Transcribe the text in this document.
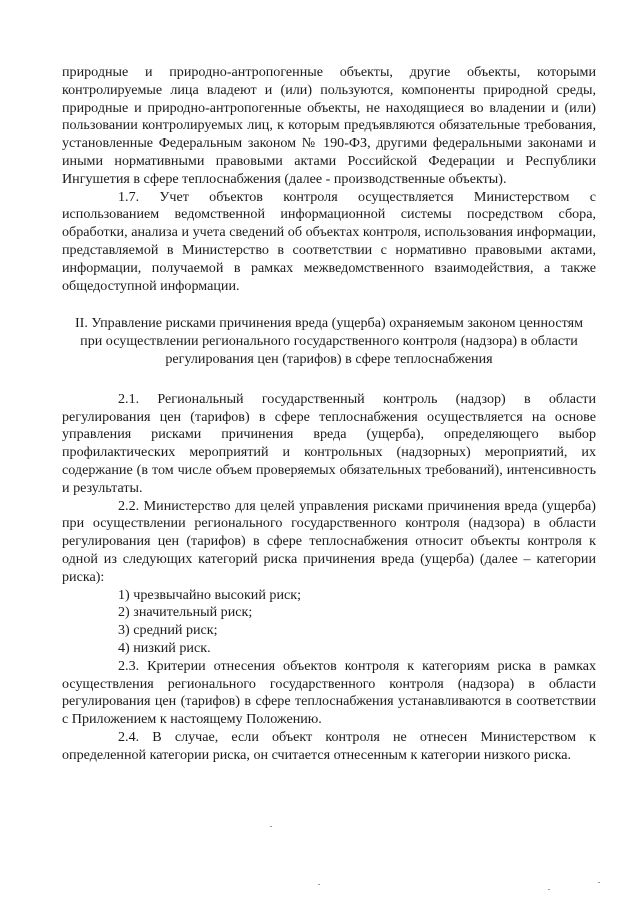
природные и природно-антропогенные объекты, другие объекты, которыми контролируемые лица владеют и (или) пользуются, компоненты природной среды, природные и природно-антропогенные объекты, не находящиеся во владении и (или) пользовании контролируемых лиц, к которым предъявляются обязательные требования, установленные Федеральным законом № 190-ФЗ, другими федеральными законами и иными нормативными правовыми актами Российской Федерации и Республики Ингушетия в сфере теплоснабжения (далее - производственные объекты).

1.7. Учет объектов контроля осуществляется Министерством с использованием ведомственной информационной системы посредством сбора, обработки, анализа и учета сведений об объектах контроля, использования информации, представляемой в Министерство в соответствии с нормативно правовыми актами, информации, получаемой в рамках межведомственного взаимодействия, а также общедоступной информации.

II. Управление рисками причинения вреда (ущерба) охраняемым законом ценностям при осуществлении регионального государственного контроля (надзора) в области регулирования цен (тарифов) в сфере теплоснабжения

2.1. Региональный государственный контроль (надзор) в области регулирования цен (тарифов) в сфере теплоснабжения осуществляется на основе управления рисками причинения вреда (ущерба), определяющего выбор профилактических мероприятий и контрольных (надзорных) мероприятий, их содержание (в том числе объем проверяемых обязательных требований), интенсивность и результаты.

2.2. Министерство для целей управления рисками причинения вреда (ущерба) при осуществлении регионального государственного контроля (надзора) в области регулирования цен (тарифов) в сфере теплоснабжения относит объекты контроля к одной из следующих категорий риска причинения вреда (ущерба) (далее – категории риска):

1) чрезвычайно высокий риск;

2) значительный риск;

3) средний риск;

4) низкий риск.

2.3. Критерии отнесения объектов контроля к категориям риска в рамках осуществления регионального государственного контроля (надзора) в области регулирования цен (тарифов) в сфере теплоснабжения устанавливаются в соответствии с Приложением к настоящему Положению.

2.4. В случае, если объект контроля не отнесен Министерством к определенной категории риска, он считается отнесенным к категории низкого риска.
